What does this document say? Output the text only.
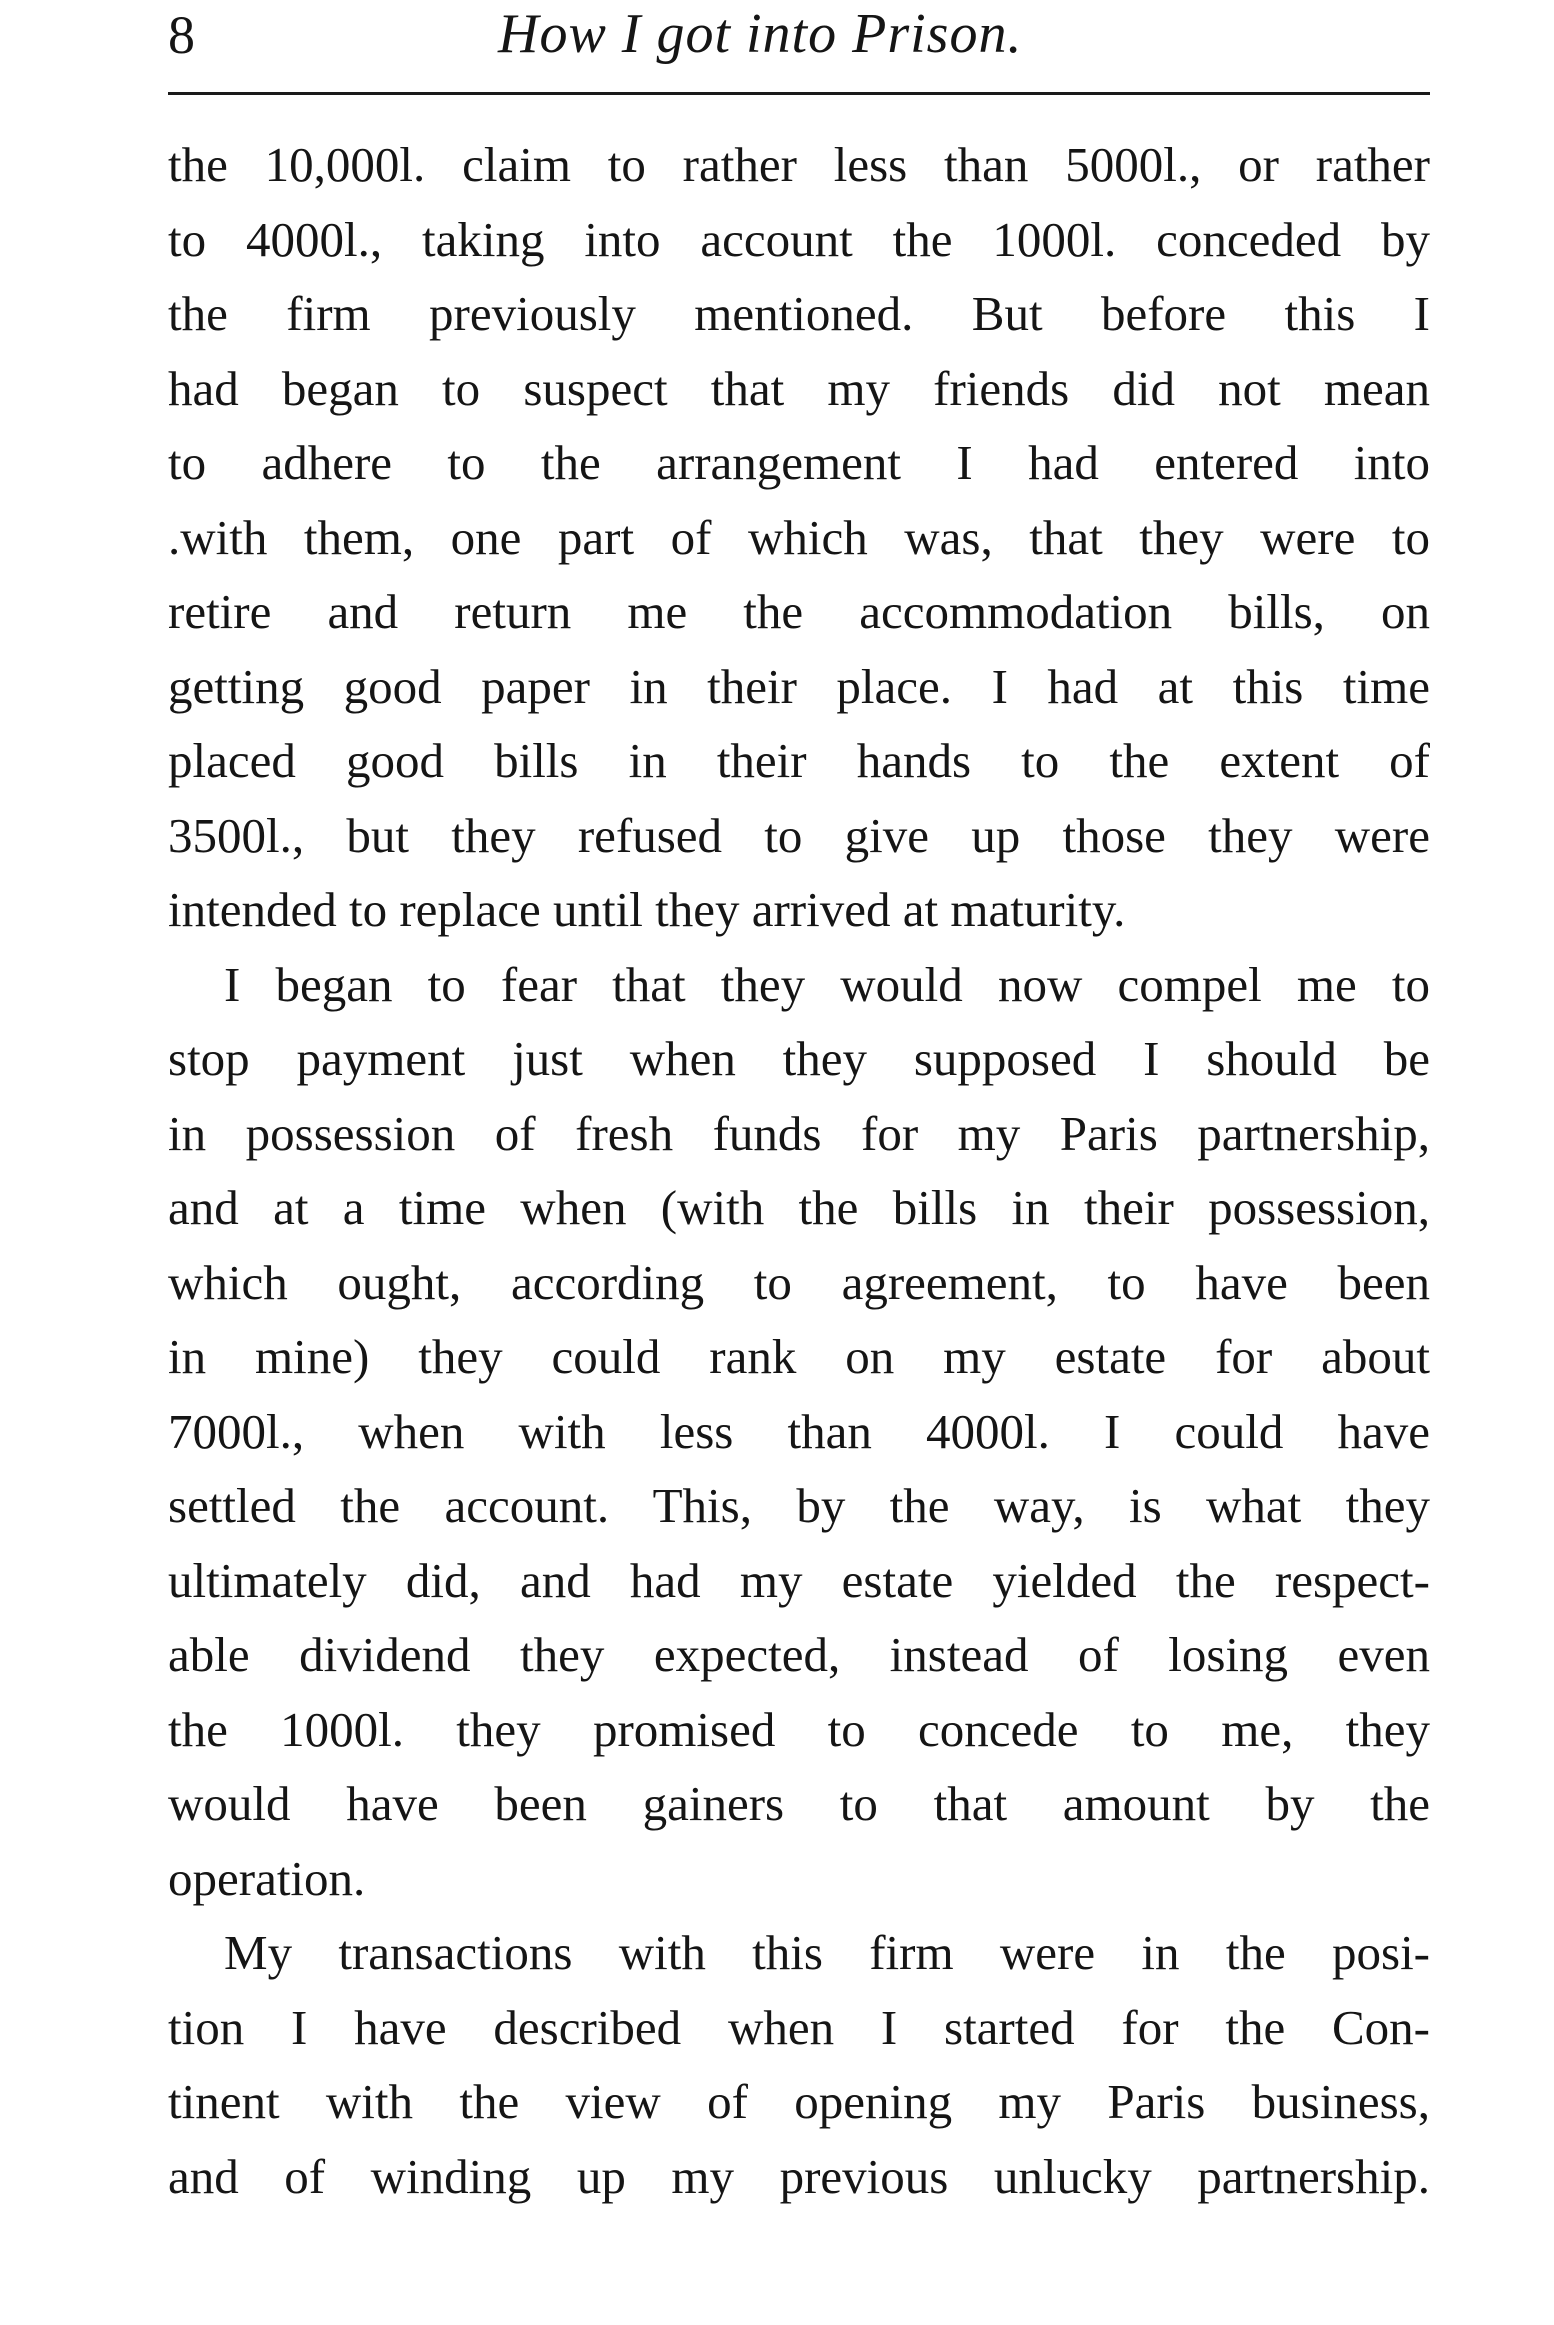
8	How I got into Prison.
the 10,000l. claim to rather less than 5000l., or rather
to 4000l., taking into account the 1000l. conceded by
the firm previously mentioned. But before this I
had began to suspect that my friends did not mean
to adhere to the arrangement I had entered into
.with them, one part of which was, that they were to
retire and return me the accommodation bills, on
getting good paper in their place. I had at this time
placed good bills in their hands to the extent of
3500l., but they refused to give up those they were
intended to replace until they arrived at maturity.
I began to fear that they would now compel me to
stop payment just when they supposed I should be
in possession of fresh funds for my Paris partnership,
and at a time when (with the bills in their possession,
which ought, according to agreement, to have been
in mine) they could rank on my estate for about
7000l., when with less than 4000l. I could have
settled the account. This, by the way, is what they
ultimately did, and had my estate yielded the respect-
able dividend they expected, instead of losing even
the 1000l. they promised to concede to me, they
would have been gainers to that amount by the
operation.
My transactions with this firm were in the posi-
tion I have described when I started for the Con-
tinent with the view of opening my Paris business,
and of winding up my previous unlucky partnership.
